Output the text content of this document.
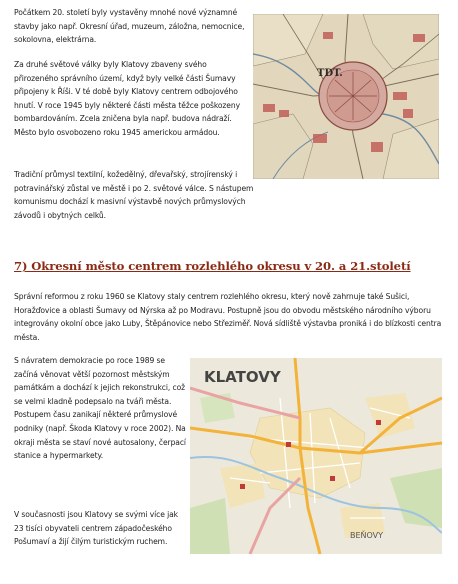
Počátkem 20. století byly vystavěny mnohé nové významné stavby jako např. Okresní úřad, muzeum, záložna, nemocnice, sokolovna, elektrárna.

Za druhé světové války byly Klatovy zbaveny svého přirozeného správního území, když byly velké části Šumavy připojeny k Říši. V té době byly Klatovy centrem odbojového hnutí. V roce 1945 byly některé části města těžce poškozeny bombardováním. Zcela zničena byla např. budova nádraží. Město bylo osvobozeno roku 1945 americkou armádou.

Tradiční průmysl textilní, kožedělný, dřevařský, strojírenský i potravinářský zůstal ve městě i po 2. světové válce. S nástupem komunismu dochází k masivní výstavbě nových průmyslových závodů i obytných celků.

TDT.
7) Okresní město centrem rozlehlého okresu v 20. a 21.století

Správní reformou z roku 1960 se Klatovy staly centrem rozlehlého okresu, který nově zahrnuje také Sušici, Horažďovice a oblasti Šumavy od Nýrska až po Modravu. Postupně jsou do obvodu městského národního výboru integrovány okolní obce jako Luby, Štěpánovice nebo Střeziměř. Nová sídliště výstavba proniká i do blízkosti centra města.

S návratem demokracie po roce 1989 se začíná věnovat větší pozornost městským památkám a dochází k jejich rekonstrukci, což se velmi kladně podepsalo na tváři města. Postupem času zanikají některé průmyslové podniky (např. Škoda Klatovy v roce 2002). Na okraji města se staví nové autosalony, čerpací stanice a hypermarkety.

V současnosti jsou Klatovy se svými více jak 23 tisíci obyvateli centrem západočeského Pošumaví a žijí čilým turistickým ruchem.

KLATOVY
BEŇOVY
